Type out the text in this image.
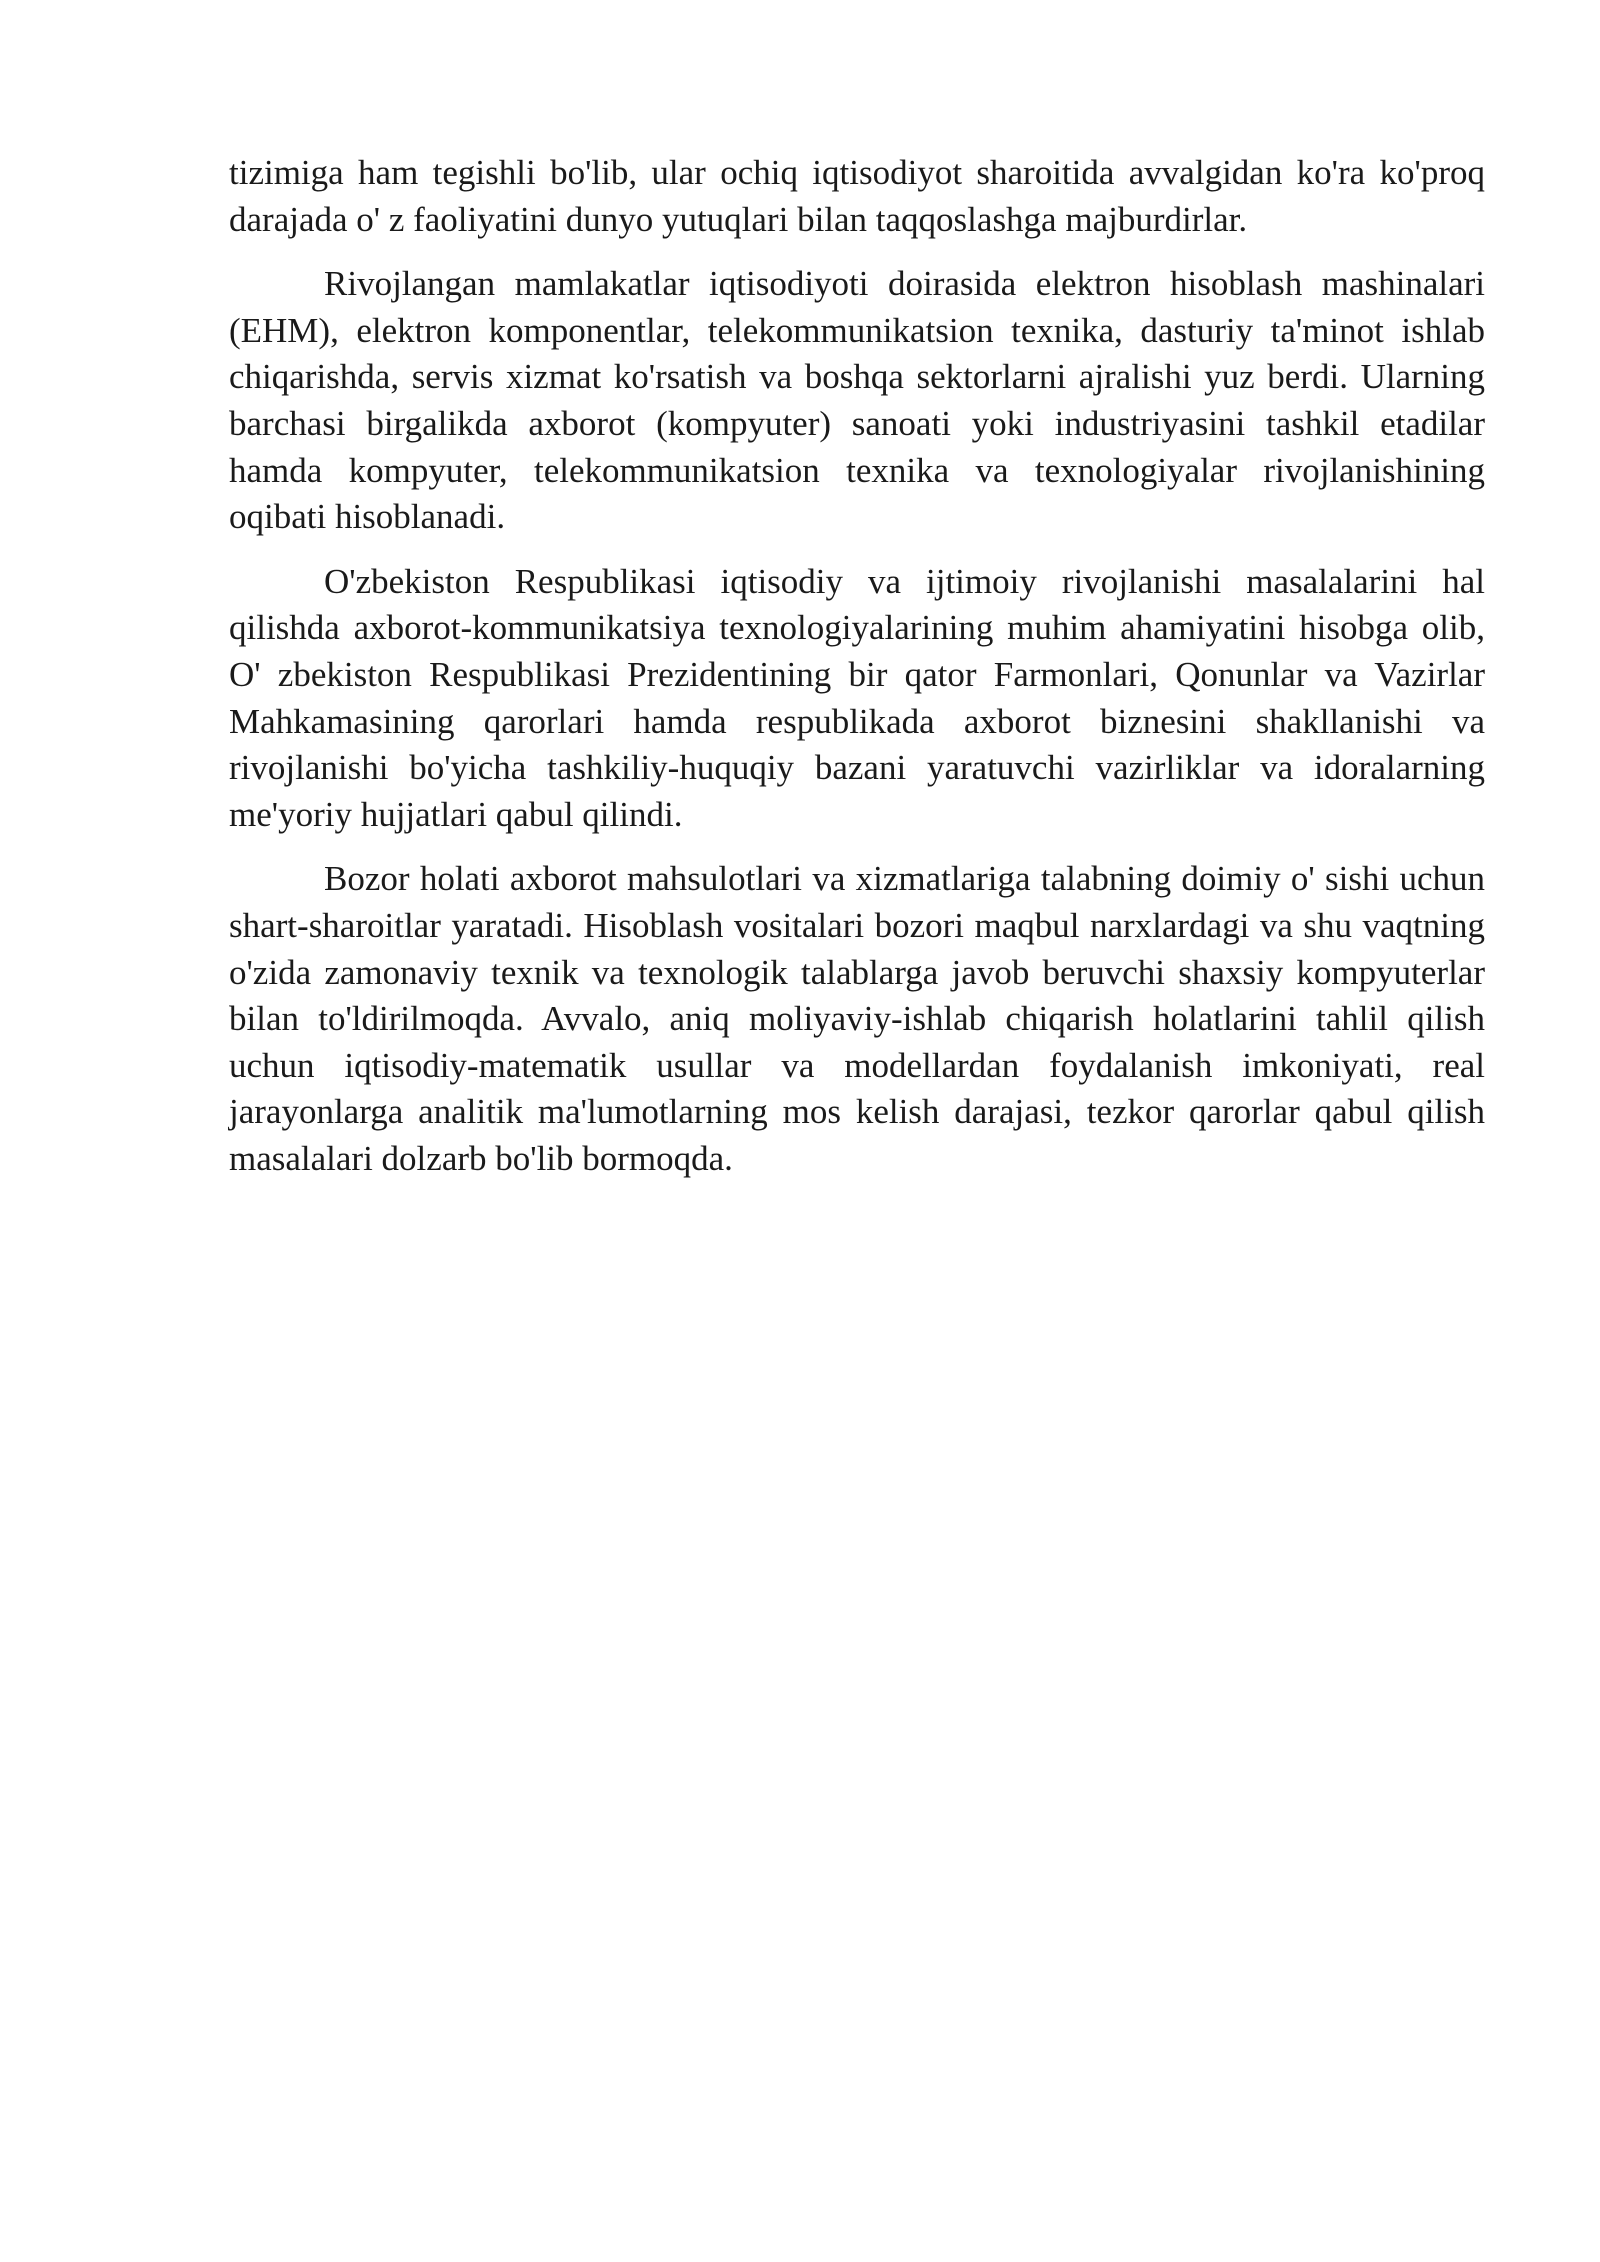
tizimiga ham tegishli bo'lib, ular ochiq iqtisodiyot sharoitida avvalgidan ko'ra ko'proq darajada o' z faoliyatini dunyo yutuqlari bilan taqqoslashga majburdirlar.

Rivojlangan mamlakatlar iqtisodiyoti doirasida elektron hisoblash mashinalari (EHM), elektron komponentlar, telekommunikatsion texnika, dasturiy ta'minot ishlab chiqarishda, servis xizmat ko'rsatish va boshqa sektorlarni ajralishi yuz berdi. Ularning barchasi birgalikda axborot (kompyuter) sanoati yoki industriyasini tashkil etadilar hamda kompyuter, telekommunikatsion texnika va texnologiyalar rivojlanishining oqibati hisoblanadi.

O'zbekiston Respublikasi iqtisodiy va ijtimoiy rivojlanishi masalalarini hal qilishda axborot-kommunikatsiya texnologiyalarining muhim ahamiyatini hisobga olib, O' zbekiston Respublikasi Prezidentining bir qator Farmonlari, Qonunlar va Vazirlar Mahkamasining qarorlari hamda respublikada axborot biznesini shakllanishi va rivojlanishi bo'yicha tashkiliy-huquqiy bazani yaratuvchi vazirliklar va idoralarning me'yoriy hujjatlari qabul qilindi.

Bozor holati axborot mahsulotlari va xizmatlariga talabning doimiy o' sishi uchun shart-sharoitlar yaratadi. Hisoblash vositalari bozori maqbul narxlardagi va shu vaqtning o'zida zamonaviy texnik va texnologik talablarga javob beruvchi shaxsiy kompyuterlar bilan to'ldirilmoqda. Avvalo, aniq moliyaviy-ishlab chiqarish holatlarini tahlil qilish uchun iqtisodiy-matematik usullar va modellardan foydalanish imkoniyati, real jarayonlarga analitik ma'lumotlarning mos kelish darajasi, tezkor qarorlar qabul qilish masalalari dolzarb bo'lib bormoqda.
